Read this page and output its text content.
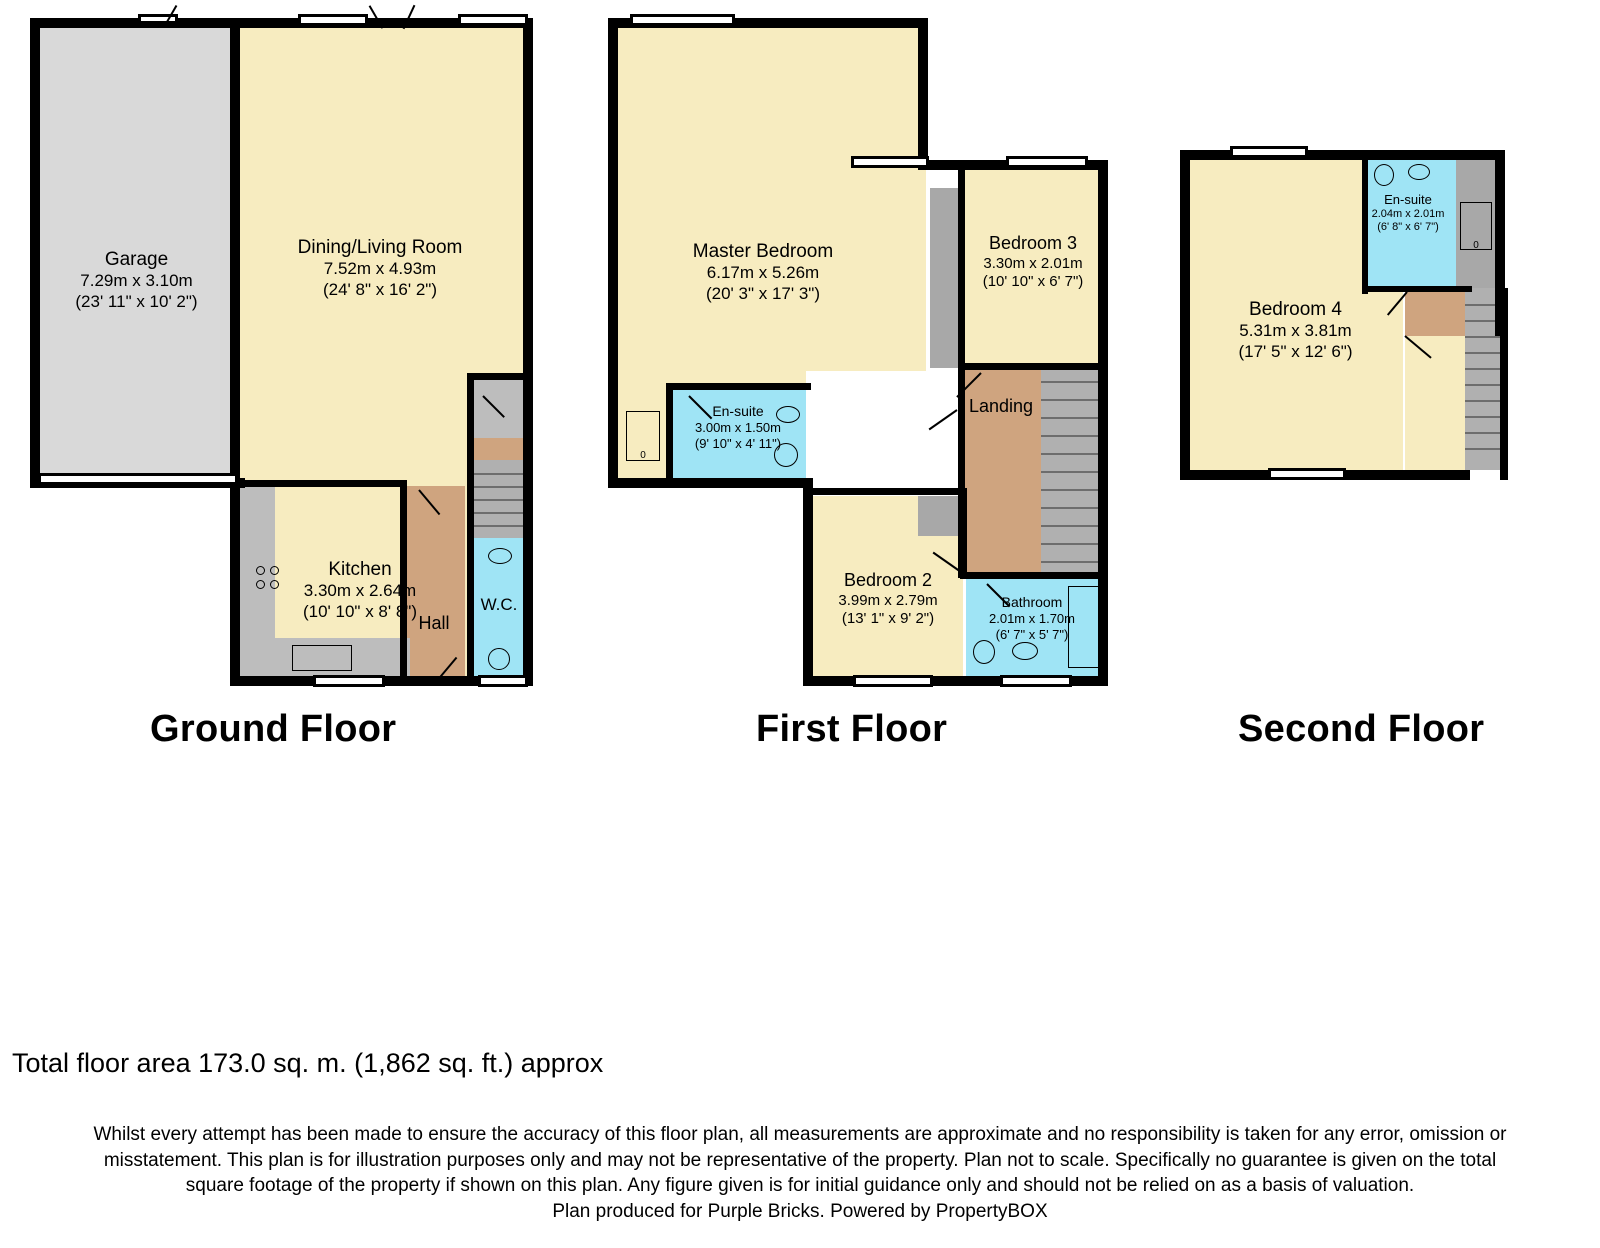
Garage
7.29m x 3.10m
(23' 11" x 10' 2")
Dining/Living Room
7.52m x 4.93m
(24' 8" x 16' 2")
Kitchen
3.30m x 2.64m
(10' 10" x 8' 8")
Hall
W.C.
Ground Floor
0
Master Bedroom
6.17m x 5.26m
(20' 3" x 17' 3")
Bedroom 3
3.30m x 2.01m
(10' 10" x 6' 7")
En-suite
3.00m x 1.50m
(9' 10" x 4' 11")
Landing
Bedroom 2
3.99m x 2.79m
(13' 1" x 9' 2")
Bathroom
2.01m x 1.70m
(6' 7" x 5' 7")
First Floor
0
En-suite
2.04m x 2.01m
(6' 8" x 6' 7")
Bedroom 4
5.31m x 3.81m
(17' 5" x 12' 6")
Second Floor
Total floor area 173.0 sq. m. (1,862 sq. ft.) approx
Whilst every attempt has been made to ensure the accuracy of this floor plan, all measurements are approximate and no responsibility is taken for any error, omission or
misstatement. This plan is for illustration purposes only and may not be representative of the property. Plan not to scale. Specifically no guarantee is given on the total
square footage of the property if shown on this plan. Any figure given is for initial guidance only and should not be relied on as a basis of valuation.
Plan produced for Purple Bricks. Powered by PropertyBOX
